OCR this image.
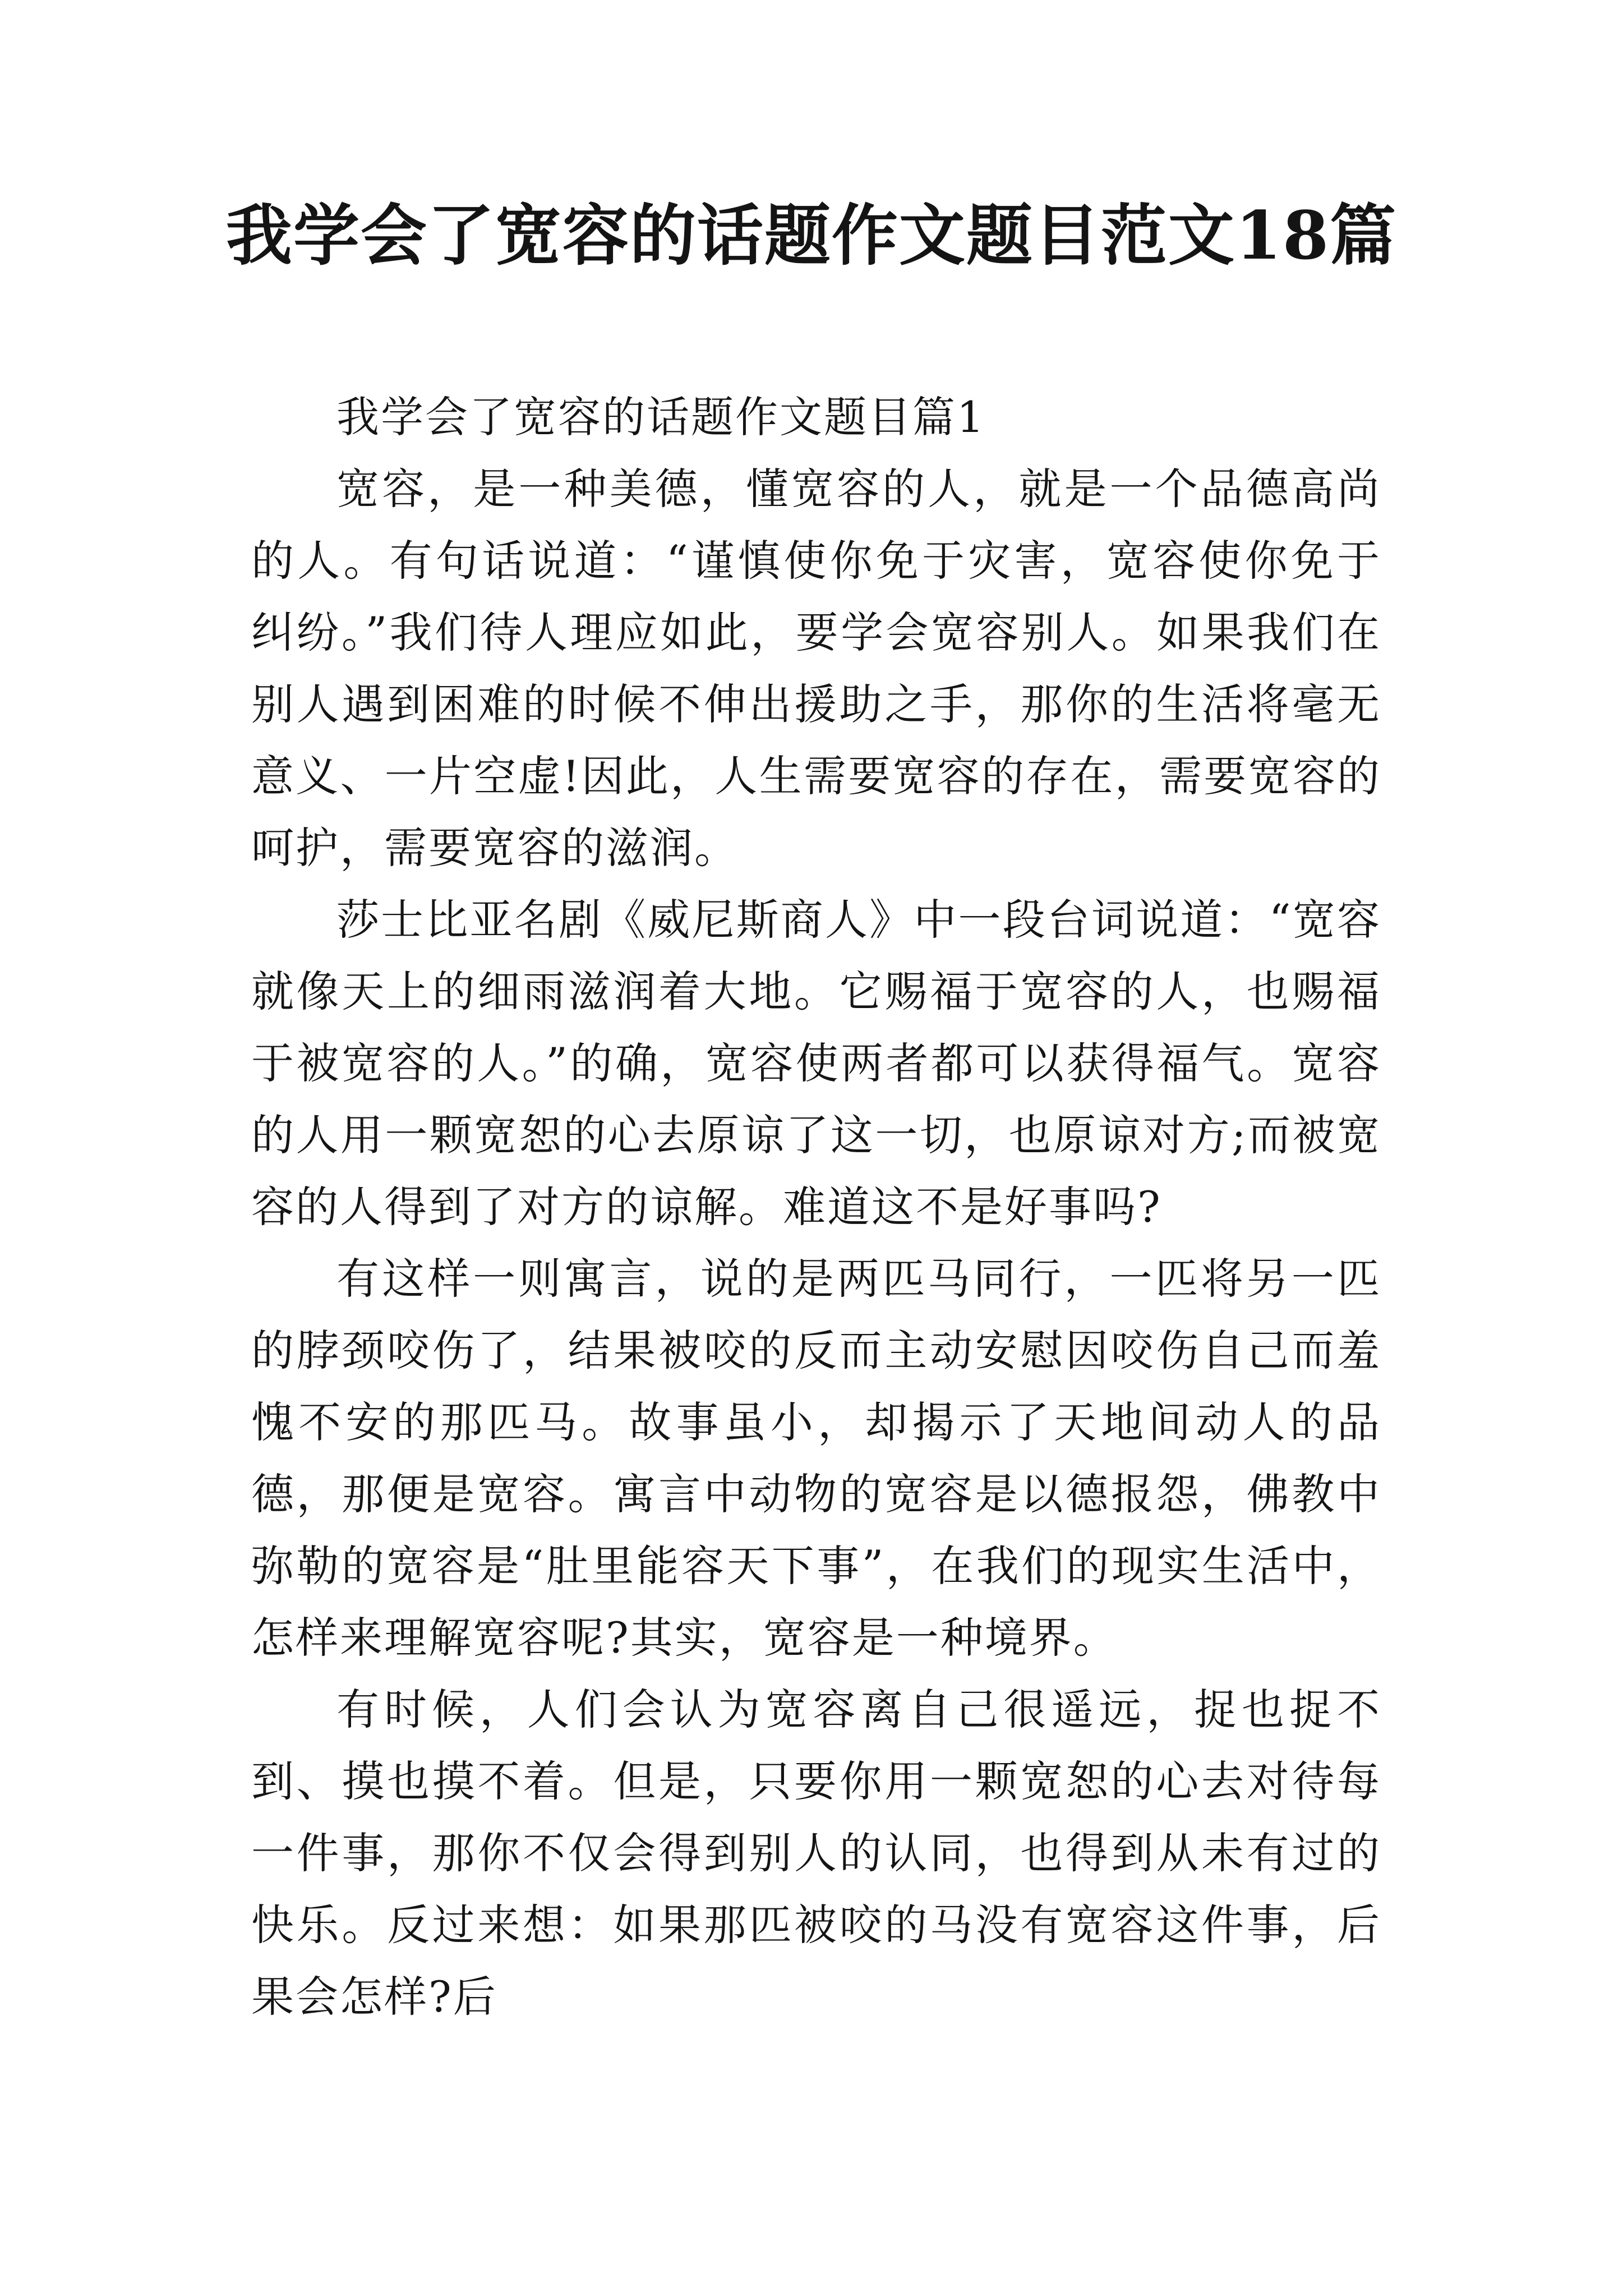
我学会了宽容的话题作文题目范文18篇

我学会了宽容的话题作文题目篇1

宽容，是一种美德，懂宽容的人，就是一个品德高尚的人。有句话说道：“谨慎使你免于灾害，宽容使你免于纠纷。”我们待人理应如此，要学会宽容别人。如果我们在别人遇到困难的时候不伸出援助之手，那你的生活将毫无意义、一片空虚!因此，人生需要宽容的存在，需要宽容的呵护，需要宽容的滋润。

莎士比亚名剧《威尼斯商人》中一段台词说道：“宽容就像天上的细雨滋润着大地。它赐福于宽容的人，也赐福于被宽容的人。”的确，宽容使两者都可以获得福气。宽容的人用一颗宽恕的心去原谅了这一切，也原谅对方;而被宽容的人得到了对方的谅解。难道这不是好事吗?

有这样一则寓言，说的是两匹马同行，一匹将另一匹的脖颈咬伤了，结果被咬的反而主动安慰因咬伤自己而羞愧不安的那匹马。故事虽小，却揭示了天地间动人的品德，那便是宽容。寓言中动物的宽容是以德报怨，佛教中弥勒的宽容是“肚里能容天下事”，在我们的现实生活中，怎样来理解宽容呢?其实，宽容是一种境界。

有时候，人们会认为宽容离自己很遥远，捉也捉不到、摸也摸不着。但是，只要你用一颗宽恕的心去对待每一件事，那你不仅会得到别人的认同，也得到从未有过的快乐。反过来想：如果那匹被咬的马没有宽容这件事，后果会怎样?后
